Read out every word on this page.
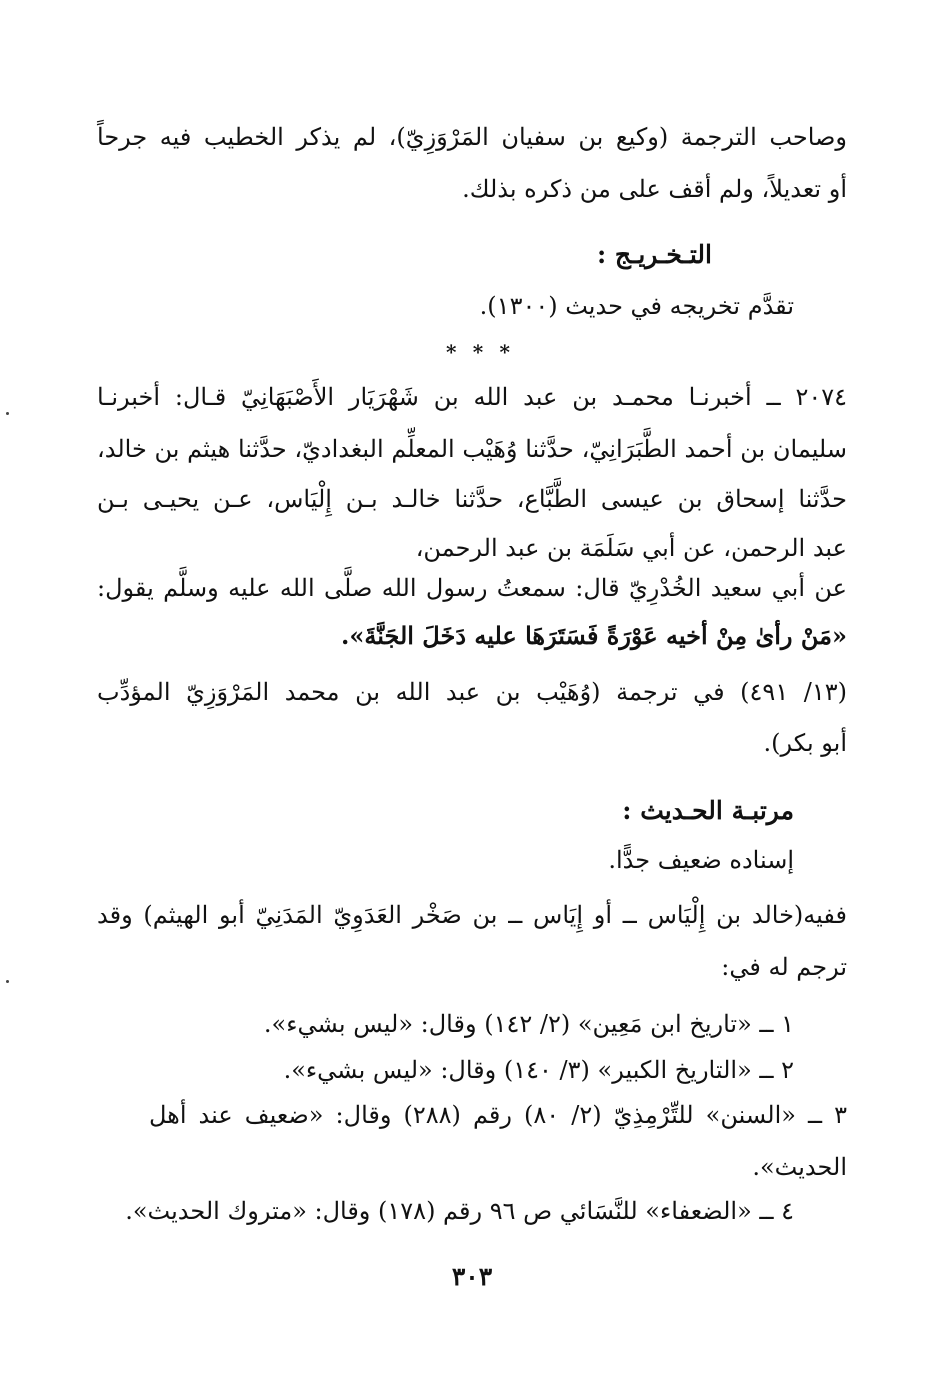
وصاحب الترجمة (وكيع بن سفيان المَرْوَزِيّ)، لم يذكر الخطيب فيه جرحاً
أو تعديلاً، ولم أقف على من ذكره بذلك.
التـخـريـج :
تقدَّم تخريجه في حديث (١٣٠٠).
* * *
٢٠٧٤ ــ أخبرنـا محمـد بن عبد الله بن شَهْرَيَار الأَصْبَهَانِيّ قـال: أخبرنـا
سليمان بن أحمد الطَّبَرَانِيّ، حدَّثنا وُهَيْب المعلِّم البغداديّ، حدَّثنا هيثم بن خالد،
حدَّثنا إسحاق بن عيسى الطَّبَّاع، حدَّثنا خالـد بـن إِلْيَاس، عـن يحيـى بـن
عبد الرحمن، عن أبي سَلَمَة بن عبد الرحمن،
عن أبي سعيد الخُدْرِيّ قال: سمعتُ رسول الله صلَّى الله عليه وسلَّم يقول:
«مَنْ رأىٰ مِنْ أخيه عَوْرَةً فَسَتَرَهَا عليه دَخَلَ الجَنَّةَ».
(١٣/ ٤٩١) في ترجمة (وُهَيْب بن عبد الله بن محمد المَرْوَزِيّ المؤدِّب
أبو بكر).
مرتبـة الحـديث :
إسناده ضعيف جدًّا.
ففيه(خالد بن إِلْيَاس ــ أو إِيَاس ــ بن صَخْر العَدَوِيّ المَدَنِيّ أبو الهيثم) وقد
ترجم له في:
١ ــ «تاريخ ابن مَعِين» (٢/ ١٤٢) وقال: «ليس بشيء».
٢ ــ «التاريخ الكبير» (٣/ ١٤٠) وقال: «ليس بشيء».
٣ ــ «السنن» للتِّرْمِذِيّ (٢/ ٨٠) رقم (٢٨٨) وقال: «ضعيف عند أهل
الحديث».
٤ ــ «الضعفاء» للنَّسَائي ص ٩٦ رقم (١٧٨) وقال: «متروك الحديث».
٣٠٣
